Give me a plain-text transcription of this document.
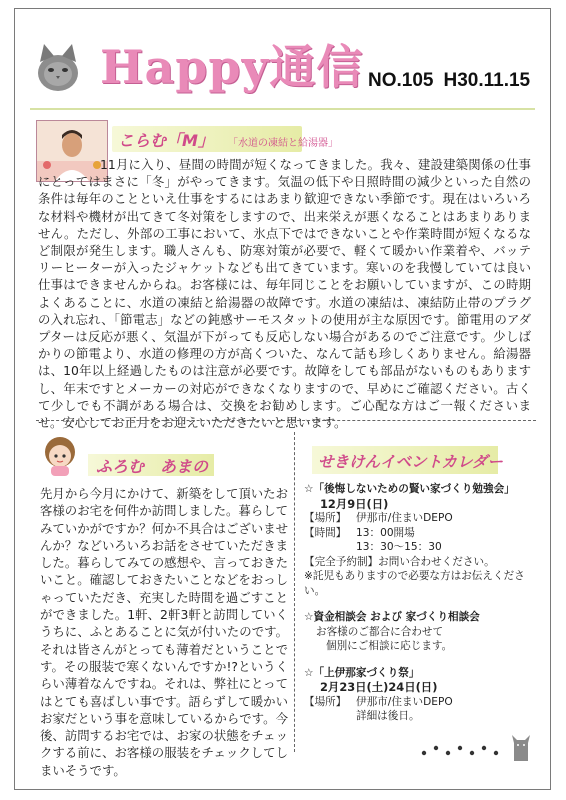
Happy通信 NO.105 H30.11.15
こらむ「M」 「水道の凍結と給湯器」

11月に入り、昼間の時間が短くなってきました。我々、建設建築関係の仕事にとってはまさに「冬」がやってきます。気温の低下や日照時間の減少といった自然の条件は毎年のことといえ仕事をするにはあまり歓迎できない季節です。現在はいろいろな材料や機材が出てきて冬対策をしますので、出来栄えが悪くなることはあまりありません。ただし、外部の工事において、氷点下ではできないことや作業時間が短くなるなど制限が発生します。職人さんも、防寒対策が必要で、軽くて暖かい作業着や、バッテリーヒーターが入ったジャケットなども出てきています。寒いのを我慢していては良い仕事はできませんからね。お客様には、毎年同じことをお願いしていますが、この時期よくあることに、水道の凍結と給湯器の故障です。水道の凍結は、凍結防止帯のプラグの入れ忘れ、「節電志」などの鈍感サーモスタットの使用が主な原因です。節電用のアダプターは反応が悪く、気温が下がっても反応しない場合があるのでご注意です。少しばかりの節電より、水道の修理の方が高くついた、なんて話も珍しくありません。給湯器は、10年以上経過したものは注意が必要です。故障をしても部品がないものもありますし、年末ですとメーカーの対応ができなくなりますので、早めにご確認ください。古くて少しでも不調がある場合は、交換をお勧めします。ご心配な方はご一報くださいませ。安心してお正月をお迎えいただきたいと思います。

ふろむ　あまの
先月から今月にかけて、新築をして頂いたお客様のお宅を何件か訪問しました。暮らしてみていかがですか？何か不具合はございませんか？などいろいろお話をさせていただきました。暮らしてみての感想や、言っておきたいこと。確認しておきたいことなどをおっしゃっていただき、充実した時間を過ごすことができました。1軒、2軒3軒と訪問していくうちに、ふとあることに気が付いたのです。それは皆さんがとっても薄着だということです。その服装で寒くないんですか!?というくらい薄着なんですね。それは、弊社にとってはとても喜ばしい事です。語らずして暖かいお家だという事を意味しているからです。今後、訪問するお宅では、お家の状態をチェックする前に、お客様の服装をチェックしてしまいそうです。
せきけんイベントカレダー
☆「後悔しないための賢い家づくり勉強会」
12月9日(日)
【場所】 伊那市/住まいDEPO
【時間】 13：00開場
13：30～15：30
【完全予約制】お問い合わせください。
※託児もありますので必要な方はお伝えください。
☆資金相談会 および 家づくり相談会
お客様のご都合に合わせて
個別にご相談に応じます。
☆「上伊那家づくり祭」
2月23日(土)24日(日)
【場所】 伊那市/住まいDEPO
詳細は後日。
